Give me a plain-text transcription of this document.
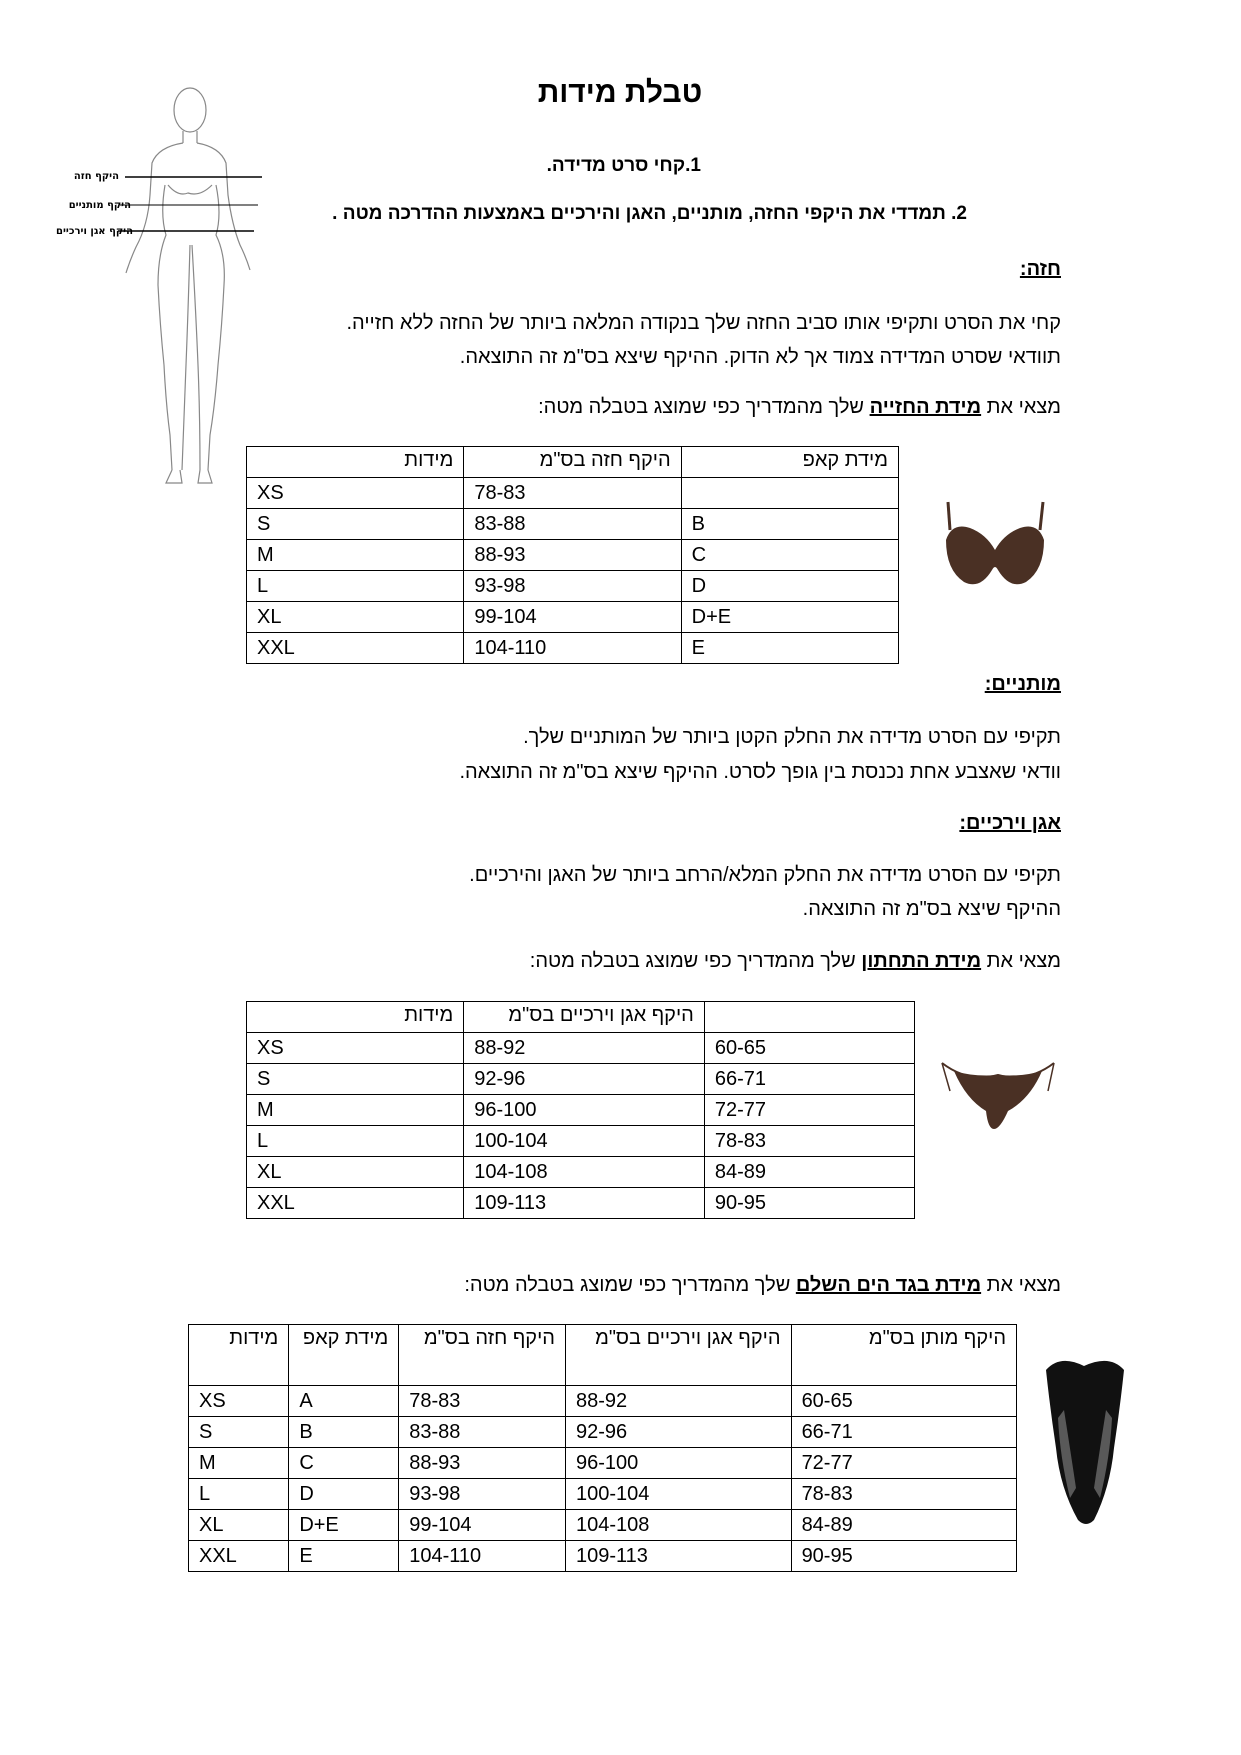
טבלת מידות
1.קחי סרט מדידה.
2. תמדדי את היקפי החזה, מותניים, האגן והירכיים באמצעות ההדרכה מטה .
היקף חזה
היקף מותניים
היקף אגן וירכיים
חזה:
קחי את הסרט ותקיפי אותו סביב החזה שלך בנקודה המלאה ביותר של החזה ללא חזייה.
תוודאי שסרט המדידה צמוד אך לא הדוק. ההיקף שיצא בס"מ זה התוצאה.
מצאי את מידת החזייה שלך מהמדריך כפי שמוצג בטבלה מטה:
מידות	היקף חזה בס"מ	מידת קאפ
XS	78-83	
S	83-88	B
M	88-93	C
L	93-98	D
XL	99-104	D+E
XXL	104-110	E
מותניים:
תקיפי עם הסרט מדידה את החלק הקטן ביותר של המותניים שלך.
וודאי שאצבע אחת נכנסת בין גופך לסרט. ההיקף שיצא בס"מ זה התוצאה.
אגן וירכיים:
תקיפי עם הסרט מדידה את החלק המלא/הרחב ביותר של האגן והירכיים.
ההיקף שיצא בס"מ זה התוצאה.
מצאי את מידת התחתון שלך מהמדריך כפי שמוצג בטבלה מטה:
מידות	היקף אגן וירכיים בס"מ	
XS	88-92	60-65
S	92-96	66-71
M	96-100	72-77
L	100-104	78-83
XL	104-108	84-89
XXL	109-113	90-95
מצאי את מידת בגד הים השלם שלך מהמדריך כפי שמוצג בטבלה מטה:
מידות	מידת קאפ	היקף חזה בס"מ	היקף אגן וירכיים בס"מ	היקף מותן בס"מ
XS	A	78-83	88-92	60-65
S	B	83-88	92-96	66-71
M	C	88-93	96-100	72-77
L	D	93-98	100-104	78-83
XL	D+E	99-104	104-108	84-89
XXL	E	104-110	109-113	90-95
